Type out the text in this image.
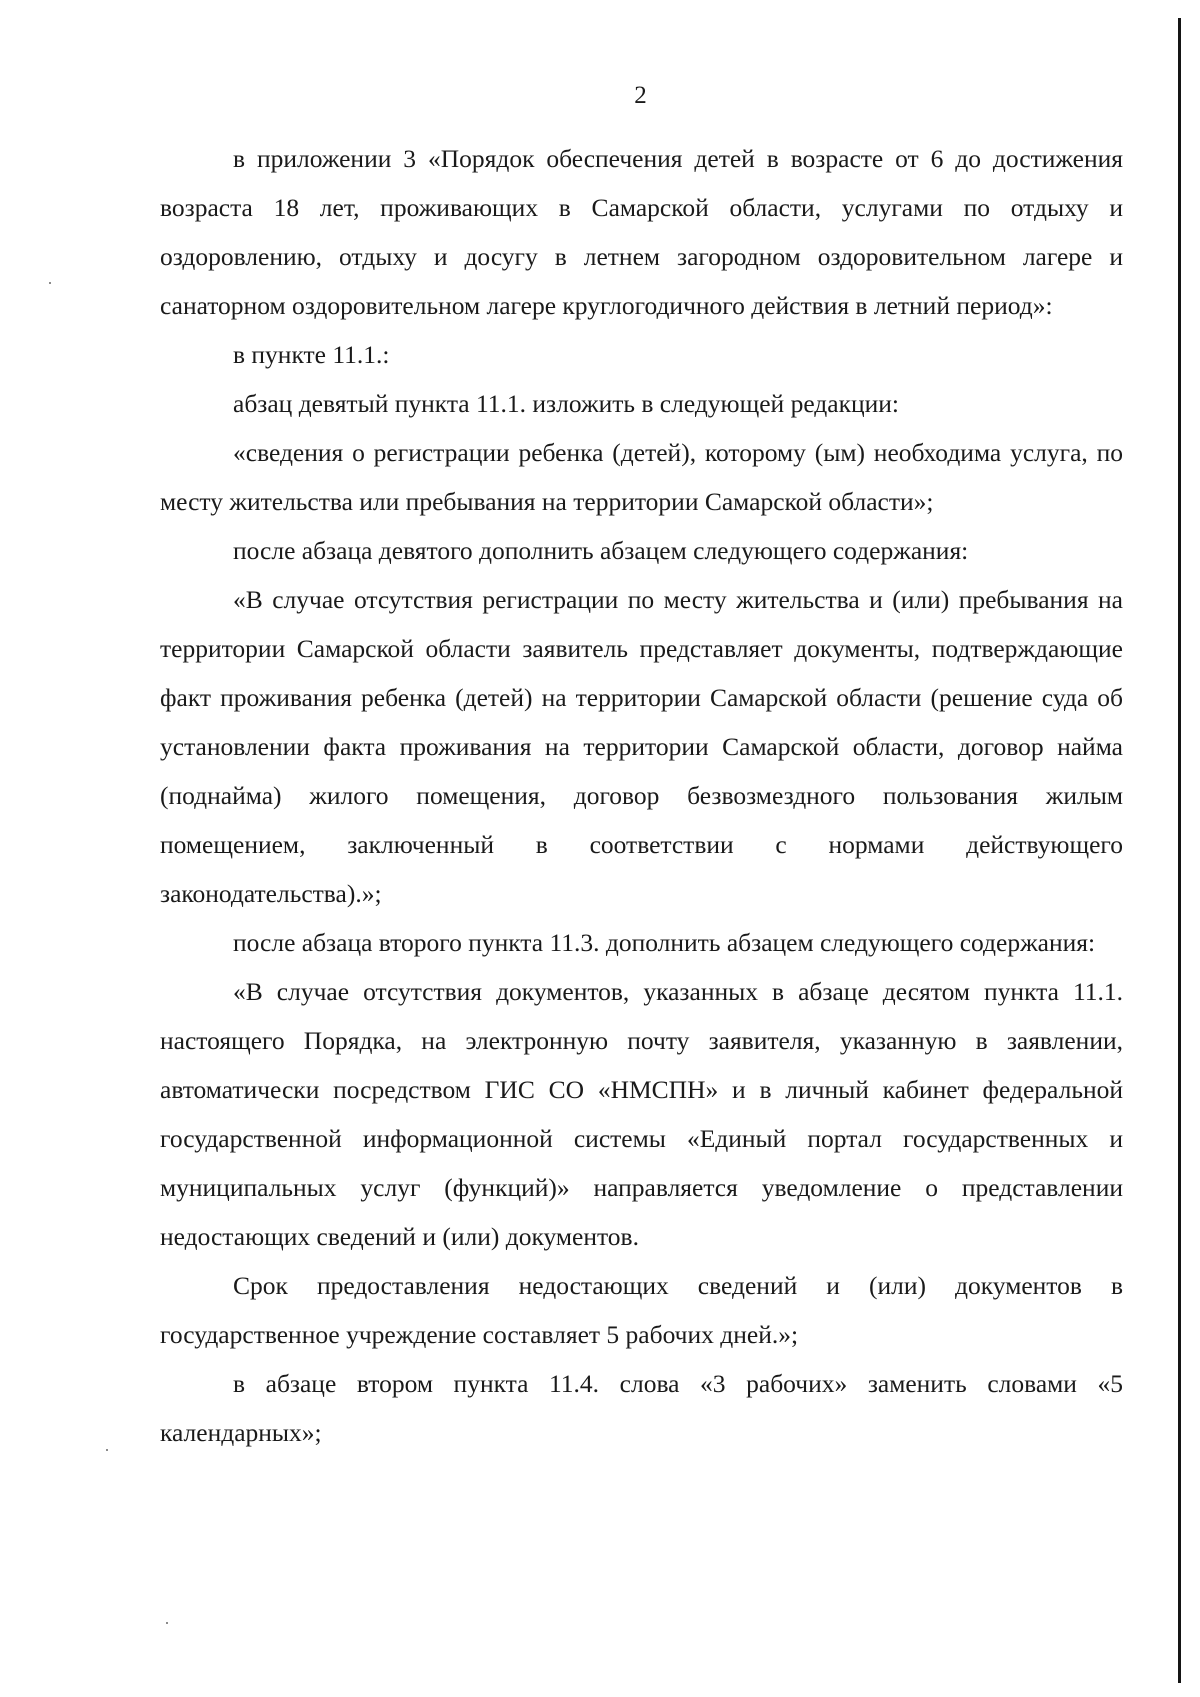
2

в приложении 3 «Порядок обеспечения детей в возрасте от 6 до достижения возраста 18 лет, проживающих в Самарской области, услугами по отдыху и оздоровлению, отдыху и досугу в летнем загородном оздоровительном лагере и санаторном оздоровительном лагере круглогодичного действия в летний период»:

в пункте 11.1.:

абзац девятый пункта 11.1. изложить в следующей редакции:

«сведения о регистрации ребенка (детей), которому (ым) необходима услуга, по месту жительства или пребывания на территории Самарской области»;

после абзаца девятого дополнить абзацем следующего содержания:

«В случае отсутствия регистрации по месту жительства и (или) пребывания на территории Самарской области заявитель представляет документы, подтверждающие факт проживания ребенка (детей) на территории Самарской области (решение суда об установлении факта проживания на территории Самарской области, договор найма (поднайма) жилого помещения, договор безвозмездного пользования жилым помещением, заключенный в соответствии с нормами действующего законодательства).»;

после абзаца второго пункта 11.3. дополнить абзацем следующего содержания:

«В случае отсутствия документов, указанных в абзаце десятом пункта 11.1. настоящего Порядка, на электронную почту заявителя, указанную в заявлении, автоматически посредством ГИС СО «НМСПН» и в личный кабинет федеральной государственной информационной системы «Единый портал государственных и муниципальных услуг (функций)» направляется уведомление о представлении недостающих сведений и (или) документов.

Срок предоставления недостающих сведений и (или) документов в государственное учреждение составляет 5 рабочих дней.»;

в абзаце втором пункта 11.4. слова «3 рабочих» заменить словами «5 календарных»;
